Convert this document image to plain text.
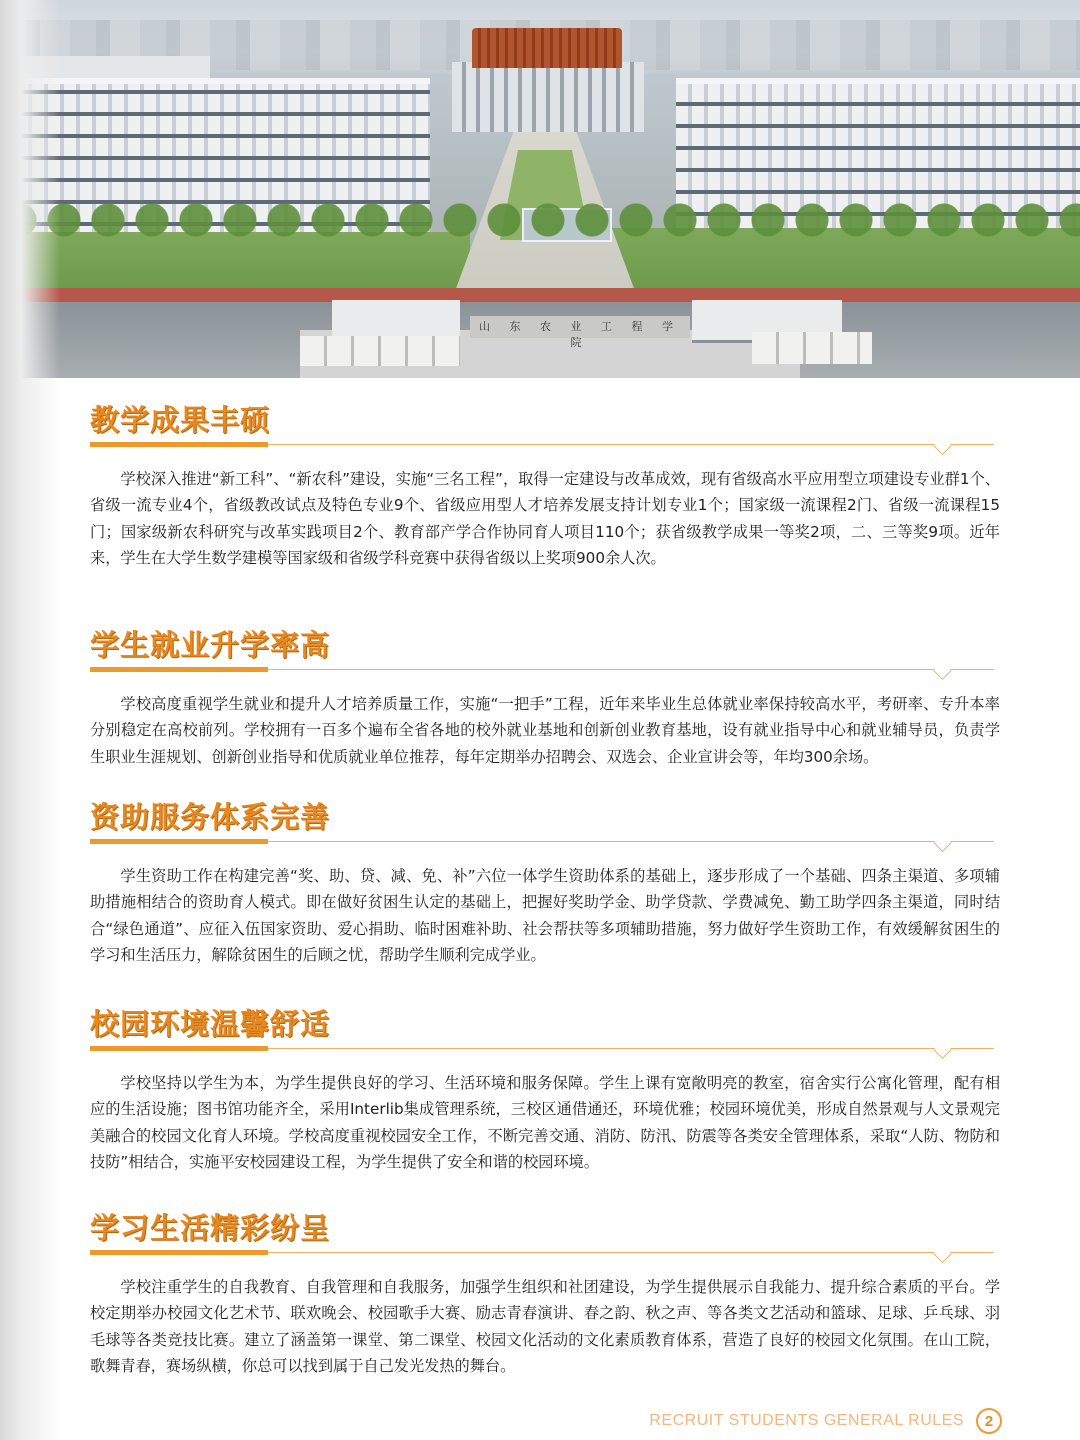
山 东 农 业 工 程 学 院
教学成果丰硕

学校深入推进“新工科”、“新农科”建设，实施“三名工程”，取得一定建设与改革成效，现有省级高水平应用型立项建设专业群1个、省级一流专业4个，省级教改试点及特色专业9个、省级应用型人才培养发展支持计划专业1个；国家级一流课程2门、省级一流课程15门；国家级新农科研究与改革实践项目2个、教育部产学合作协同育人项目110个；获省级教学成果一等奖2项，二、三等奖9项。近年来，学生在大学生数学建模等国家级和省级学科竞赛中获得省级以上奖项900余人次。

学生就业升学率高

学校高度重视学生就业和提升人才培养质量工作，实施“一把手”工程，近年来毕业生总体就业率保持较高水平，考研率、专升本率分别稳定在高校前列。学校拥有一百多个遍布全省各地的校外就业基地和创新创业教育基地，设有就业指导中心和就业辅导员，负责学生职业生涯规划、创新创业指导和优质就业单位推荐，每年定期举办招聘会、双选会、企业宣讲会等，年均300余场。

资助服务体系完善

学生资助工作在构建完善“奖、助、贷、减、免、补”六位一体学生资助体系的基础上，逐步形成了一个基础、四条主渠道、多项辅助措施相结合的资助育人模式。即在做好贫困生认定的基础上，把握好奖助学金、助学贷款、学费减免、勤工助学四条主渠道，同时结合“绿色通道”、应征入伍国家资助、爱心捐助、临时困难补助、社会帮扶等多项辅助措施，努力做好学生资助工作，有效缓解贫困生的学习和生活压力，解除贫困生的后顾之忧，帮助学生顺利完成学业。

校园环境温馨舒适

学校坚持以学生为本，为学生提供良好的学习、生活环境和服务保障。学生上课有宽敞明亮的教室，宿舍实行公寓化管理，配有相应的生活设施；图书馆功能齐全，采用Interlib集成管理系统，三校区通借通还，环境优雅；校园环境优美，形成自然景观与人文景观完美融合的校园文化育人环境。学校高度重视校园安全工作，不断完善交通、消防、防汛、防震等各类安全管理体系，采取“人防、物防和技防”相结合，实施平安校园建设工程，为学生提供了安全和谐的校园环境。

学习生活精彩纷呈

学校注重学生的自我教育、自我管理和自我服务，加强学生组织和社团建设，为学生提供展示自我能力、提升综合素质的平台。学校定期举办校园文化艺术节、联欢晚会、校园歌手大赛、励志青春演讲、春之韵、秋之声、等各类文艺活动和篮球、足球、乒乓球、羽毛球等各类竞技比赛。建立了涵盖第一课堂、第二课堂、校园文化活动的文化素质教育体系，营造了良好的校园文化氛围。在山工院，歌舞青春，赛场纵横，你总可以找到属于自己发光发热的舞台。

RECRUIT STUDENTS GENERAL RULES	2
